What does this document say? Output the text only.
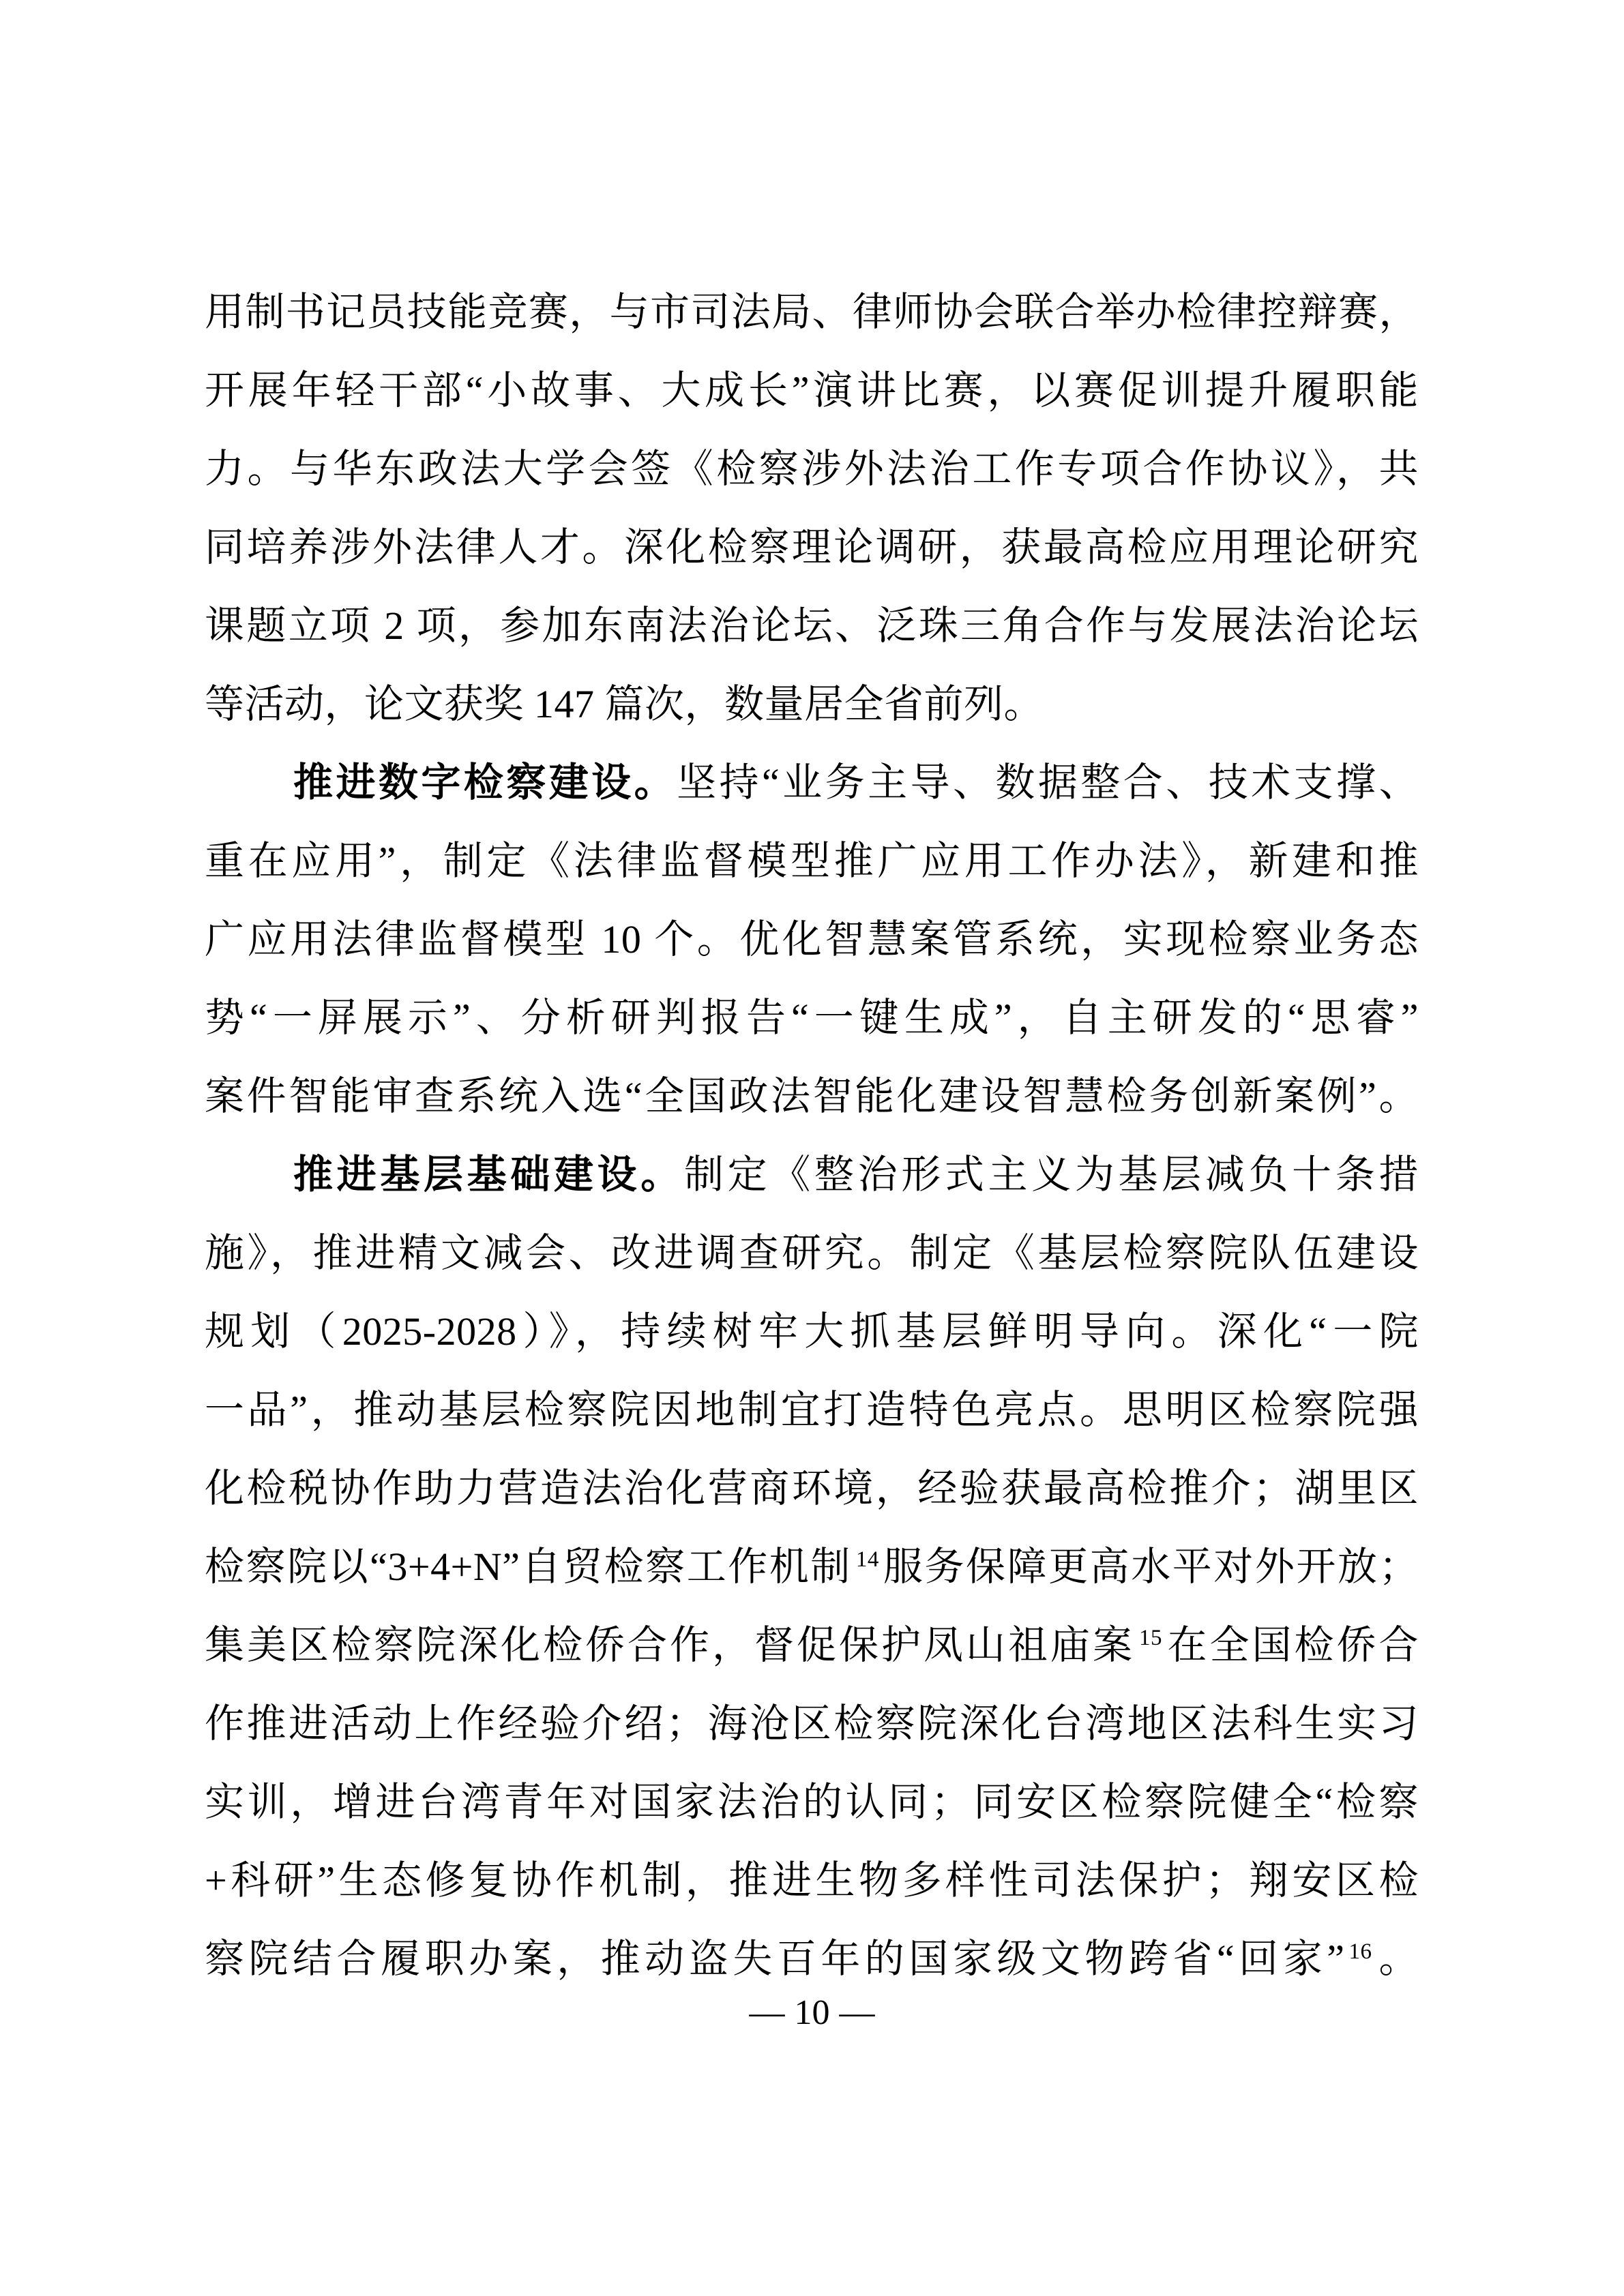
用制书记员技能竞赛，与市司法局、律师协会联合举办检律控辩赛，
开展年轻干部“小故事、大成长”演讲比赛，以赛促训提升履职能
力。与华东政法大学会签《检察涉外法治工作专项合作协议》，共
同培养涉外法律人才。深化检察理论调研，获最高检应用理论研究
课题立项 2 项，参加东南法治论坛、泛珠三角合作与发展法治论坛
等活动，论文获奖 147 篇次，数量居全省前列。
推进数字检察建设。坚持“业务主导、数据整合、技术支撑、
重在应用”，制定《法律监督模型推广应用工作办法》，新建和推
广应用法律监督模型 10 个。优化智慧案管系统，实现检察业务态
势“一屏展示”、分析研判报告“一键生成”，自主研发的“思睿”
案件智能审查系统入选“全国政法智能化建设智慧检务创新案例”。
推进基层基础建设。制定《整治形式主义为基层减负十条措
施》，推进精文减会、改进调查研究。制定《基层检察院队伍建设
规划（2025-2028）》，持续树牢大抓基层鲜明导向。深化“一院
一品”，推动基层检察院因地制宜打造特色亮点。思明区检察院强
化检税协作助力营造法治化营商环境，经验获最高检推介；湖里区
检察院以“3+4+N”自贸检察工作机制 $^{14}$服务保障更高水平对外开放；
集美区检察院深化检侨合作，督促保护凤山祖庙案 $^{15}$在全国检侨合
作推进活动上作经验介绍；海沧区检察院深化台湾地区法科生实习
实训，增进台湾青年对国家法治的认同；同安区检察院健全“检察
+科研”生态修复协作机制，推进生物多样性司法保护；翔安区检
察院结合履职办案，推动盗失百年的国家级文物跨省“回家” $^{16}$。
— 10 —
